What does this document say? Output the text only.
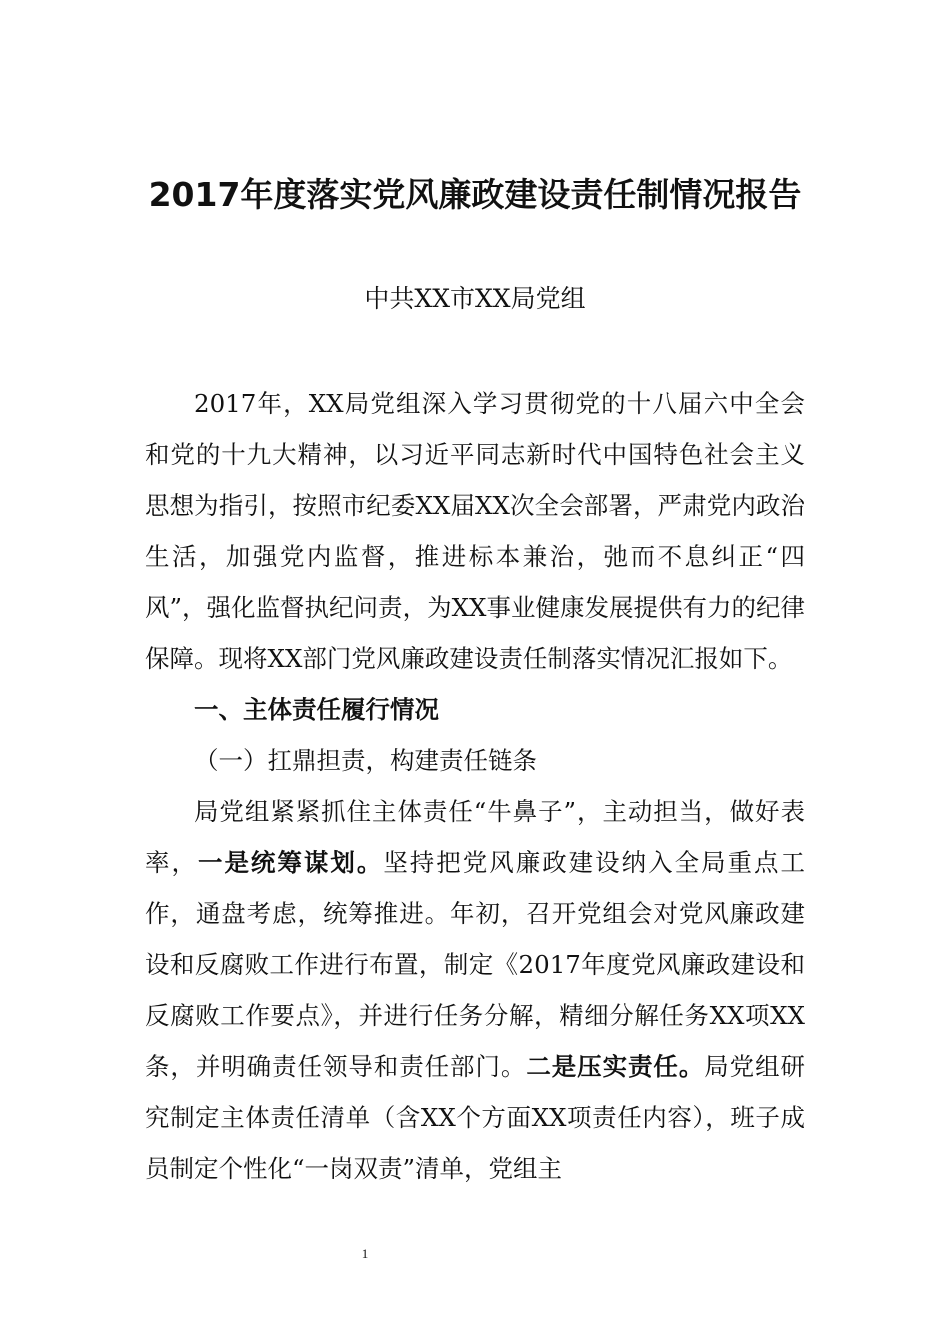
2017年度落实党风廉政建设责任制情况报告
中共XX市XX局党组

2017年，XX局党组深入学习贯彻党的十八届六中全会和党的十九大精神，以习近平同志新时代中国特色社会主义思想为指引，按照市纪委XX届XX次全会部署，严肃党内政治生活，加强党内监督，推进标本兼治，弛而不息纠正“四风”，强化监督执纪问责，为XX事业健康发展提供有力的纪律保障。现将XX部门党风廉政建设责任制落实情况汇报如下。

一、主体责任履行情况

（一）扛鼎担责，构建责任链条

局党组紧紧抓住主体责任“牛鼻子”，主动担当，做好表率，一是统筹谋划。坚持把党风廉政建设纳入全局重点工作，通盘考虑，统筹推进。年初，召开党组会对党风廉政建设和反腐败工作进行布置，制定《2017年度党风廉政建设和反腐败工作要点》，并进行任务分解，精细分解任务XX项XX条，并明确责任领导和责任部门。二是压实责任。局党组研究制定主体责任清单（含XX个方面XX项责任内容），班子成员制定个性化“一岗双责”清单，党组主

1
